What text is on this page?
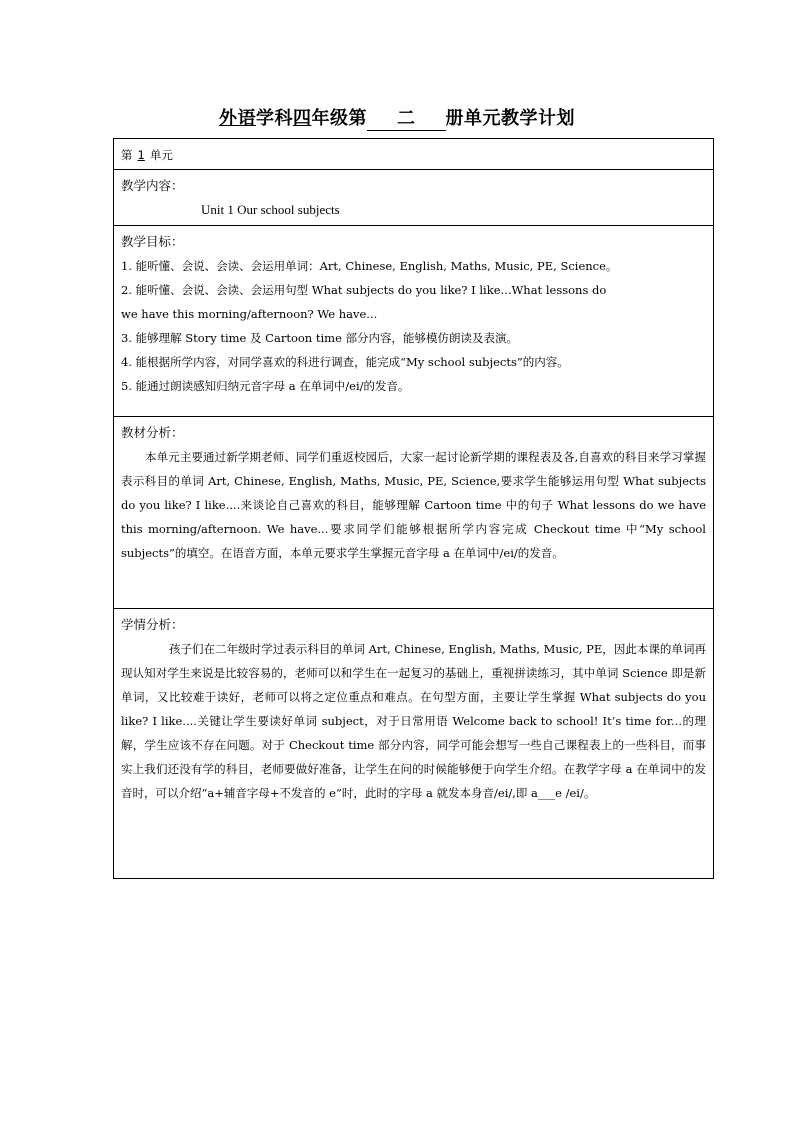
外语学科四年级第 二 册单元教学计划
第 1 单元

教学内容：
Unit 1 Our school subjects

教学目标：
1. 能听懂、会说、会读、会运用单词：Art, Chinese, English, Maths, Music, PE, Science。
2. 能听懂、会说、会读、会运用句型 What subjects do you like? I like...What lessons do
we have this morning/afternoon? We have...
3. 能够理解 Story time 及 Cartoon time 部分内容，能够模仿朗读及表演。
4. 能根据所学内容，对同学喜欢的科进行调查，能完成“My school subjects”的内容。
5. 能通过朗读感知归纳元音字母 a 在单词中/ei/的发音。

教材分析：
本单元主要通过新学期老师、同学们重返校园后，大家一起讨论新学期的课程表及各,自喜欢的科目来学习掌握表示科目的单词 Art, Chinese, English, Maths, Music, PE, Science,要求学生能够运用句型 What subjects do you like? I like....来谈论自己喜欢的科目，能够理解 Cartoon time 中的句子 What lessons do we have this morning/afternoon. We have...要求同学们能够根据所学内容完成 Checkout time 中“My school subjects”的填空。在语音方面，本单元要求学生掌握元音字母 a 在单词中/ei/的发音。

学情分析：
孩子们在二年级时学过表示科目的单词 Art, Chinese, English, Maths, Music, PE，因此本课的单词再现认知对学生来说是比较容易的，老师可以和学生在一起复习的基础上，重视拼读练习，其中单词 Science 即是新单词，又比较难于读好，老师可以将之定位重点和难点。在句型方面，主要让学生掌握 What subjects do you like? I like....关键让学生要读好单词 subject，对于日常用语 Welcome back to school! It’s time for...的理解，学生应该不存在问题。对于 Checkout time 部分内容，同学可能会想写一些自己课程表上的一些科目，而事实上我们还没有学的科目，老师要做好准备，让学生在问的时候能够便于向学生介绍。在教学字母 a 在单词中的发音时，可以介绍“a+辅音字母+不发音的 e”时，此时的字母 a 就发本身音/ei/,即 a___e /ei/。
